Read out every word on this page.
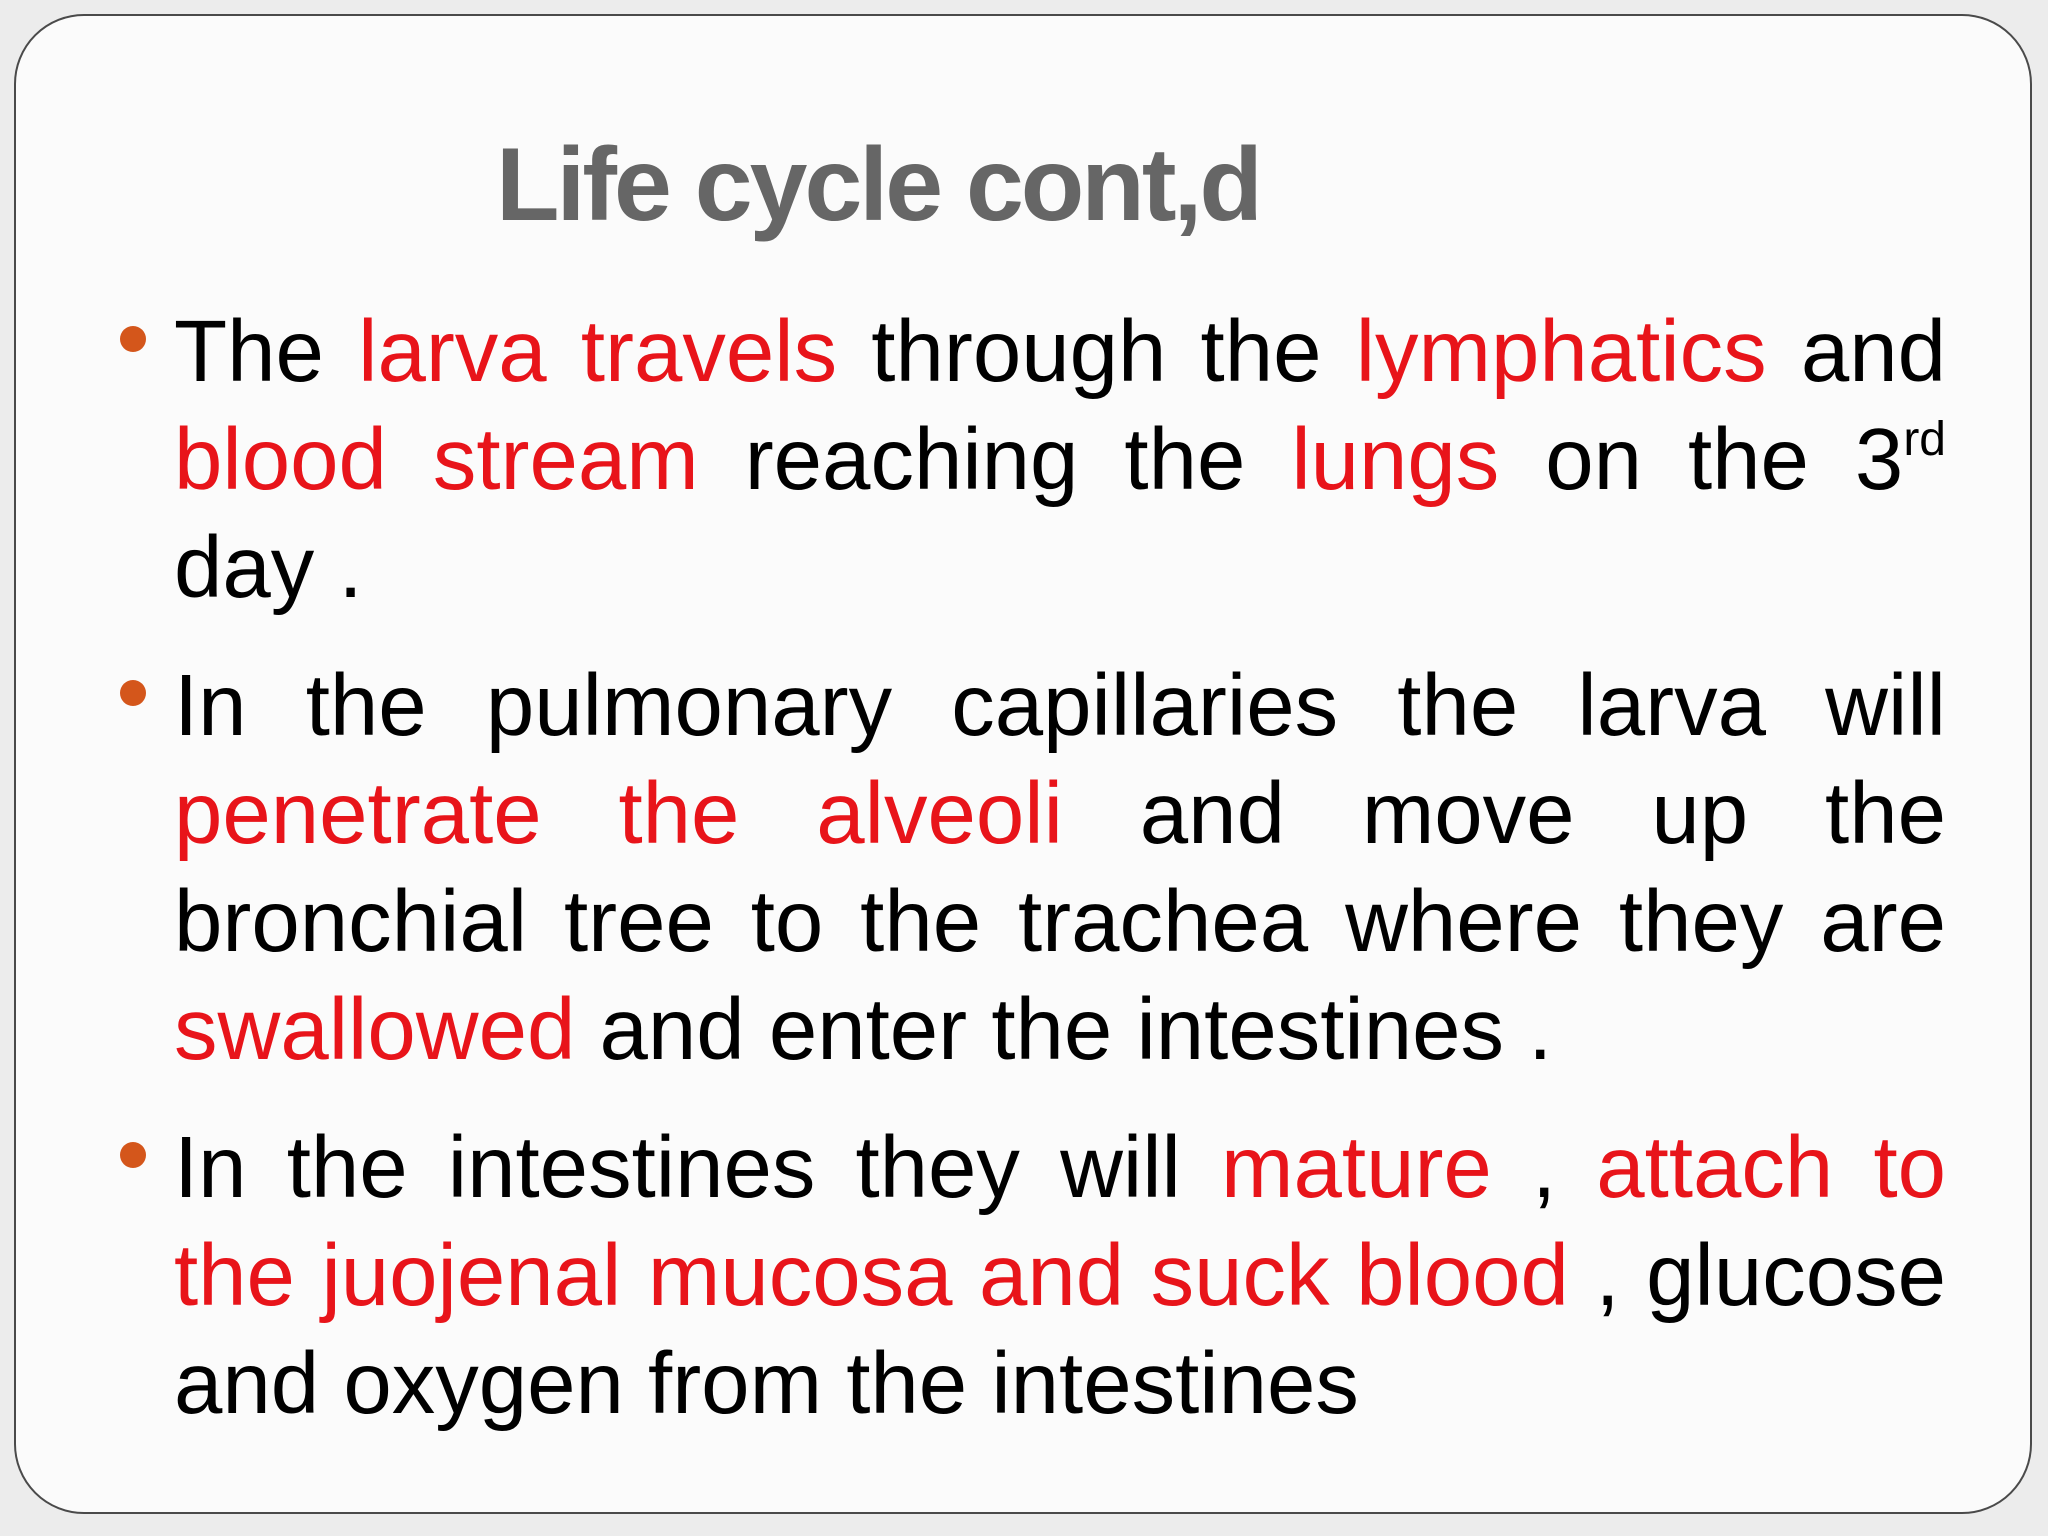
Life cycle cont,d

The larva travels through the lymphatics and blood stream reaching the lungs on the 3rd day .

In the pulmonary capillaries the larva will penetrate the alveoli and move up the bronchial tree to the trachea where they are swallowed and enter the intestines .

In the intestines they will mature , attach to the juojenal mucosa and suck blood , glucose and oxygen from the intestines
